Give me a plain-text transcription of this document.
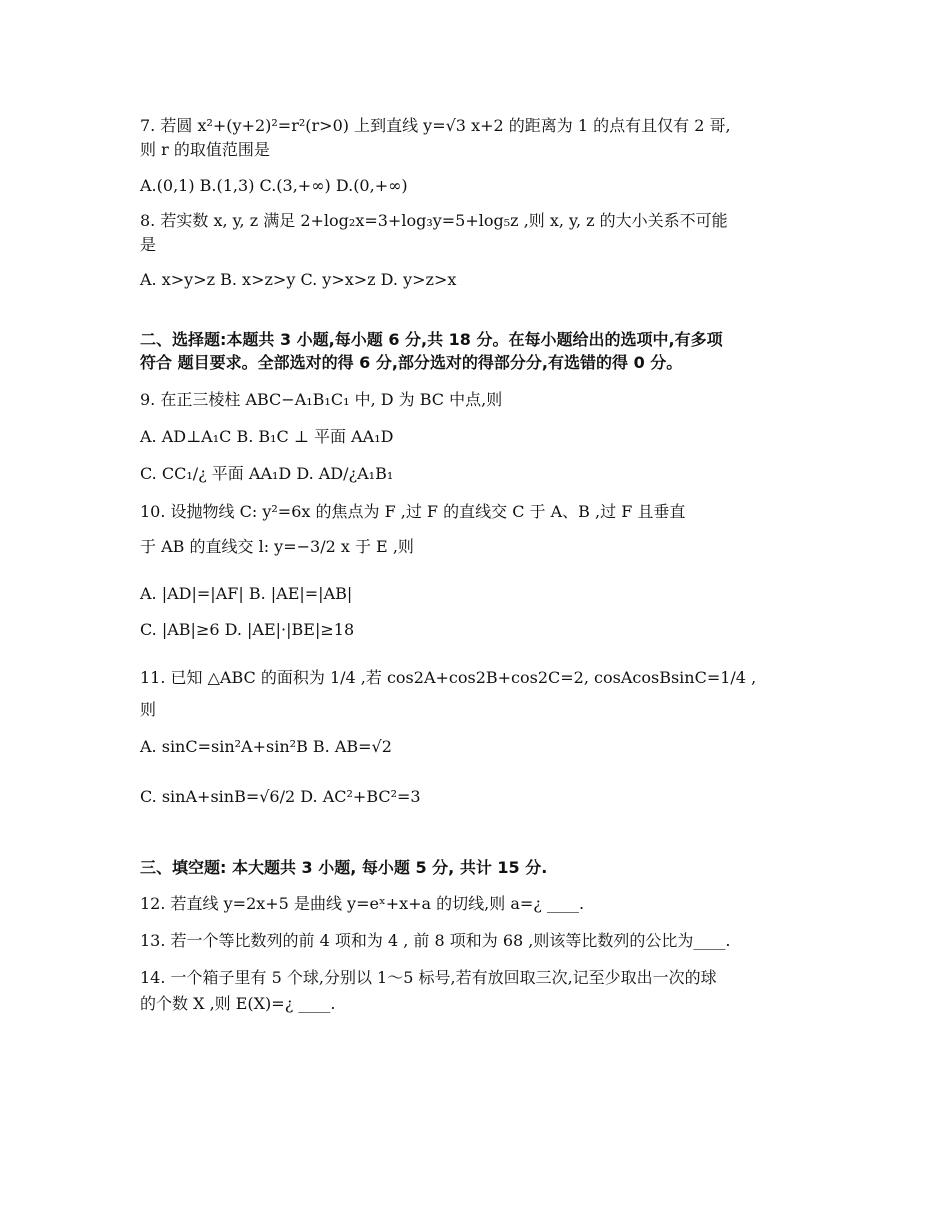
7. 若圆 x²+(y+2)²=r²(r>0) 上到直线 y=√3 x+2 的距离为 1 的点有且仅有 2 哥,
则 r 的取值范围是
A.(0,1) B.(1,3) C.(3,+∞) D.(0,+∞)
8. 若实数 x, y, z 满足 2+log₂x=3+log₃y=5+log₅z ,则 x, y, z 的大小关系不可能
是
A. x>y>z B. x>z>y C. y>x>z D. y>z>x
二、选择题:本题共 3 小题,每小题 6 分,共 18 分。在每小题给出的选项中,有多项
符合 题目要求。全部选对的得 6 分,部分选对的得部分分,有选错的得 0 分。
9. 在正三棱柱 ABC−A₁B₁C₁ 中, D 为 BC 中点,则
A. AD⊥A₁C B. B₁C ⊥ 平面 AA₁D
C. CC₁/¿ 平面 AA₁D D. AD/¿A₁B₁
10. 设抛物线 C: y²=6x 的焦点为 F ,过 F 的直线交 C 于 A、B ,过 F 且垂直
于 AB 的直线交 l: y=−3/2 x 于 E ,则
A. |AD|=|AF| B. |AE|=|AB|
C. |AB|≥6 D. |AE|·|BE|≥18
11. 已知 △ABC 的面积为 1/4 ,若 cos2A+cos2B+cos2C=2, cosAcosBsinC=1/4 ,
则
A. sinC=sin²A+sin²B B. AB=√2
C. sinA+sinB=√6/2 D. AC²+BC²=3
三、填空题: 本大题共 3 小题, 每小题 5 分, 共计 15 分.
12. 若直线 y=2x+5 是曲线 y=eˣ+x+a 的切线,则 a=¿ ____.
13. 若一个等比数列的前 4 项和为 4 , 前 8 项和为 68 ,则该等比数列的公比为____.
14. 一个箱子里有 5 个球,分别以 1～5 标号,若有放回取三次,记至少取出一次的球
的个数 X ,则 E(X)=¿ ____.
